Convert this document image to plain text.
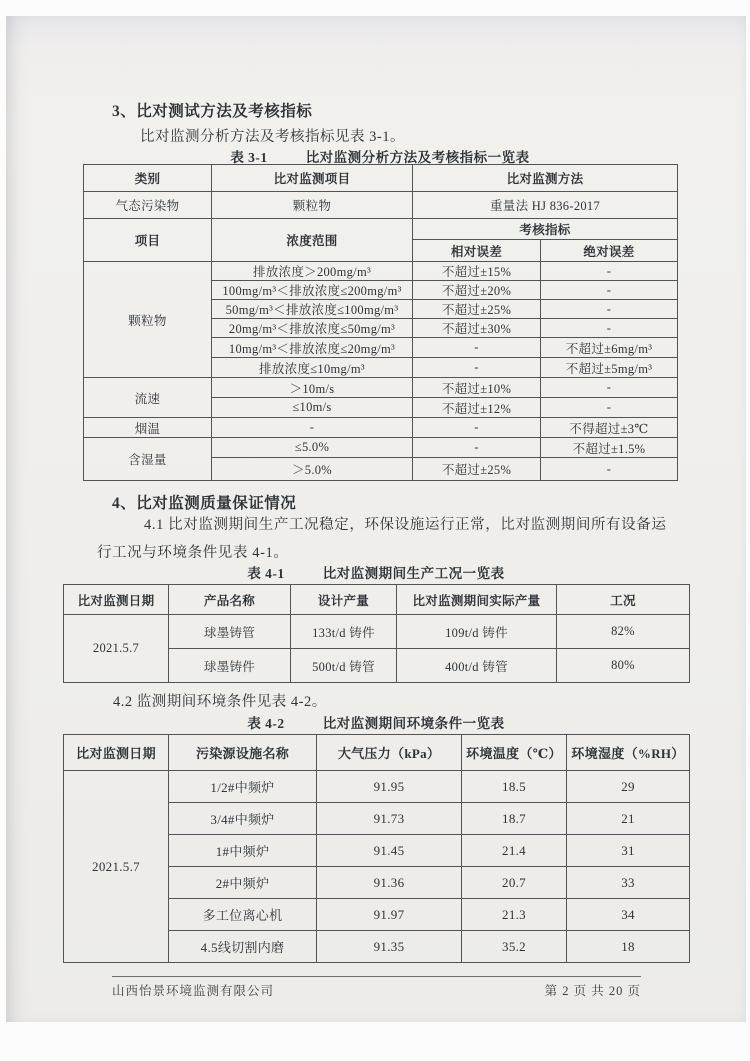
3、比对测试方法及考核指标
比对监测分析方法及考核指标见表 3-1。
表 3-1	比对监测分析方法及考核指标一览表
类别	比对监测项目	比对监测方法	
气态污染物	颗粒物	重量法 HJ 836-2017	
项目	浓度范围	考核指标	
		相对误差	绝对误差
颗粒物	排放浓度＞200mg/m³	不超过±15%	-
	100mg/m³＜排放浓度≤200mg/m³	不超过±20%	-
	50mg/m³＜排放浓度≤100mg/m³	不超过±25%	-
	20mg/m³＜排放浓度≤50mg/m³	不超过±30%	-
	10mg/m³＜排放浓度≤20mg/m³	-	不超过±6mg/m³
	排放浓度≤10mg/m³	-	不超过±5mg/m³
流速	＞10m/s	不超过±10%	-
	≤10m/s	不超过±12%	-
烟温	-	-	不得超过±3℃
含湿量	≤5.0%	-	不超过±1.5%
	＞5.0%	不超过±25%	-
4、比对监测质量保证情况
4.1 比对监测期间生产工况稳定，环保设施运行正常，比对监测期间所有设备运行工况与环境条件见表 4-1。
表 4-1	比对监测期间生产工况一览表
比对监测日期	产品名称	设计产量	比对监测期间实际产量	工况
2021.5.7	球墨铸管	133t/d 铸件	109t/d 铸件	82%
	球墨铸件	500t/d 铸管	400t/d 铸管	80%
4.2 监测期间环境条件见表 4-2。
表 4-2	比对监测期间环境条件一览表
比对监测日期	污染源设施名称	大气压力（kPa）	环境温度（℃）	环境湿度（%RH）
2021.5.7	1/2#中频炉	91.95	18.5	29
	3/4#中频炉	91.73	18.7	21
	1#中频炉	91.45	21.4	31
	2#中频炉	91.36	20.7	33
	多工位离心机	91.97	21.3	34
	4.5线切割内磨	91.35	35.2	18
山西怡景环境监测有限公司	第 2 页 共 20 页
